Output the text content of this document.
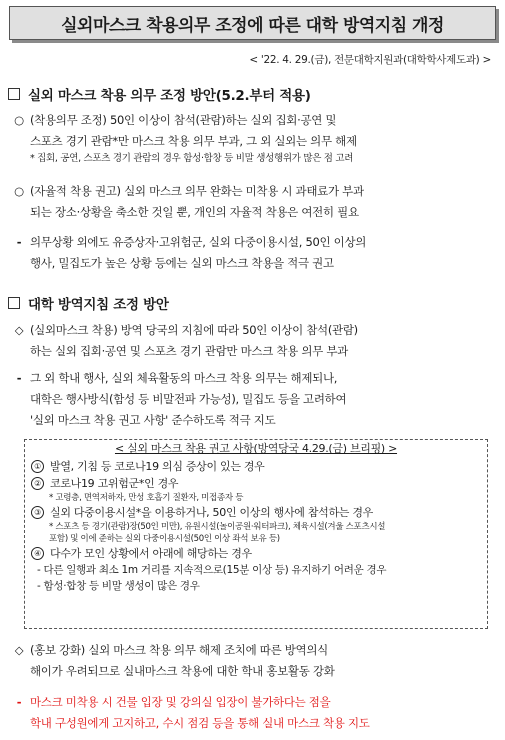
실외마스크 착용의무 조정에 따른 대학 방역지침 개정
< '22. 4. 29.(금), 전문대학지원과(대학학사제도과) >
실외 마스크 착용 의무 조정 방안(5.2.부터 적용)
○ (착용의무 조정) 50인 이상이 참석(관람)하는 실외 집회·공연 및
스포츠 경기 관람*만 마스크 착용 의무 부과, 그 외 실외는 의무 해제
* 집회, 공연, 스포츠 경기 관람의 경우 함성·합창 등 비말 생성행위가 많은 점 고려
○ (자율적 착용 권고) 실외 마스크 의무 완화는 미착용 시 과태료가 부과
되는 장소·상황을 축소한 것일 뿐, 개인의 자율적 착용은 여전히 필요
- 의무상황 외에도 유증상자·고위험군, 실외 다중이용시설, 50인 이상의
행사, 밀집도가 높은 상황 등에는 실외 마스크 착용을 적극 권고
대학 방역지침 조정 방안
◇ (실외마스크 착용) 방역 당국의 지침에 따라 50인 이상이 참석(관람)
하는 실외 집회·공연 및 스포츠 경기 관람만 마스크 착용 의무 부과
- 그 외 학내 행사, 실외 체육활동의 마스크 착용 의무는 해제되나,
대학은 행사방식(함성 등 비말전파 가능성), 밀집도 등을 고려하여
'실외 마스크 착용 권고 사항' 준수하도록 적극 지도
< 실외 마스크 착용 권고 사항(방역당국 4.29.(금) 브리핑) >
① 발열, 기침 등 코로나19 의심 증상이 있는 경우
② 코로나19 고위험군*인 경우
* 고령층, 면역저하자, 만성 호흡기 질환자, 미접종자 등
③ 실외 다중이용시설*을 이용하거나, 50인 이상의 행사에 참석하는 경우
* 스포츠 등 경기(관람)장(50인 미만), 유원시설(놀이공원·워터파크), 체육시설(겨울 스포츠시설
포함) 및 이에 준하는 실외 다중이용시설(50인 이상 좌석 보유 등)
④ 다수가 모인 상황에서 아래에 해당하는 경우
- 다른 일행과 최소 1m 거리를 지속적으로(15분 이상 등) 유지하기 어려운 경우
- 함성·합창 등 비말 생성이 많은 경우
◇ (홍보 강화) 실외 마스크 착용 의무 해제 조치에 따른 방역의식
해이가 우려되므로 실내마스크 착용에 대한 학내 홍보활동 강화
- 마스크 미착용 시 건물 입장 및 강의실 입장이 불가하다는 점을
학내 구성원에게 고지하고, 수시 점검 등을 통해 실내 마스크 착용 지도
